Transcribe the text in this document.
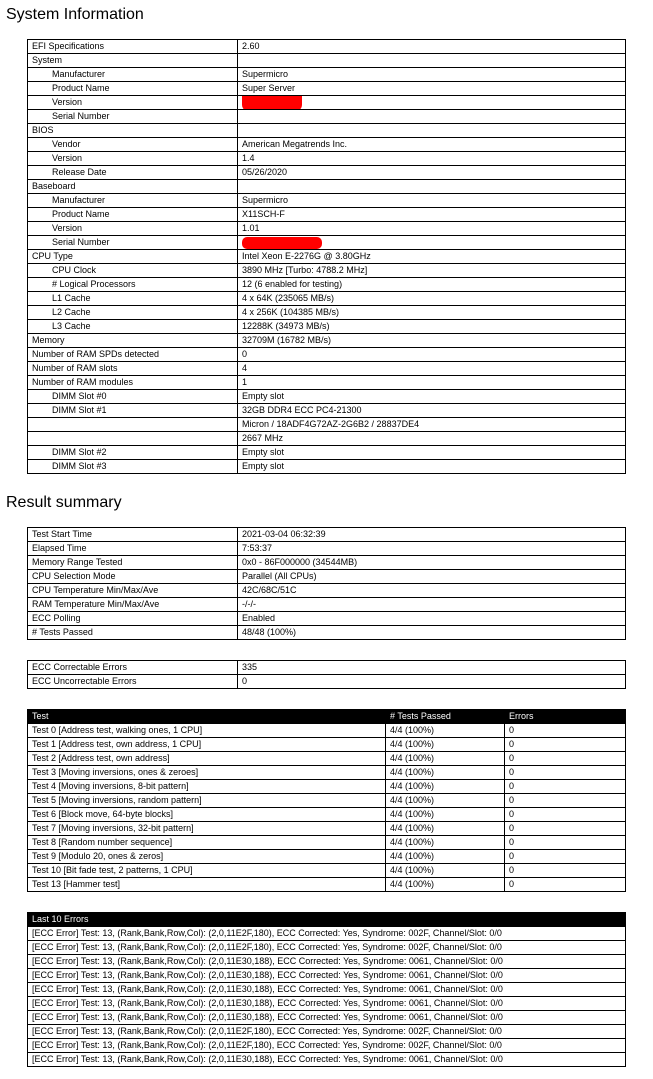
System Information
EFI Specifications	2.60
System	
Manufacturer	Supermicro
Product Name	Super Server
Version	
Serial Number	
BIOS	
Vendor	American Megatrends Inc.
Version	1.4
Release Date	05/26/2020
Baseboard	
Manufacturer	Supermicro
Product Name	X11SCH-F
Version	1.01
Serial Number	
CPU Type	Intel Xeon E-2276G @ 3.80GHz
CPU Clock	3890 MHz [Turbo: 4788.2 MHz]
# Logical Processors	12 (6 enabled for testing)
L1 Cache	4 x 64K (235065 MB/s)
L2 Cache	4 x 256K (104385 MB/s)
L3 Cache	12288K (34973 MB/s)
Memory	32709M (16782 MB/s)
Number of RAM SPDs detected	0
Number of RAM slots	4
Number of RAM modules	1
DIMM Slot #0	Empty slot
DIMM Slot #1	32GB DDR4 ECC PC4-21300
	Micron / 18ADF4G72AZ-2G6B2 / 28837DE4
	2667 MHz
DIMM Slot #2	Empty slot
DIMM Slot #3	Empty slot
Result summary
Test Start Time	2021-03-04 06:32:39
Elapsed Time	7:53:37
Memory Range Tested	0x0 - 86F000000 (34544MB)
CPU Selection Mode	Parallel (All CPUs)
CPU Temperature Min/Max/Ave	42C/68C/51C
RAM Temperature Min/Max/Ave	-/-/-
ECC Polling	Enabled
# Tests Passed	48/48 (100%)
ECC Correctable Errors	335
ECC Uncorrectable Errors	0
Test	# Tests Passed	Errors
Test 0 [Address test, walking ones, 1 CPU]	4/4 (100%)	0
Test 1 [Address test, own address, 1 CPU]	4/4 (100%)	0
Test 2 [Address test, own address]	4/4 (100%)	0
Test 3 [Moving inversions, ones & zeroes]	4/4 (100%)	0
Test 4 [Moving inversions, 8-bit pattern]	4/4 (100%)	0
Test 5 [Moving inversions, random pattern]	4/4 (100%)	0
Test 6 [Block move, 64-byte blocks]	4/4 (100%)	0
Test 7 [Moving inversions, 32-bit pattern]	4/4 (100%)	0
Test 8 [Random number sequence]	4/4 (100%)	0
Test 9 [Modulo 20, ones & zeros]	4/4 (100%)	0
Test 10 [Bit fade test, 2 patterns, 1 CPU]	4/4 (100%)	0
Test 13 [Hammer test]	4/4 (100%)	0
Last 10 Errors
[ECC Error] Test: 13, (Rank,Bank,Row,Col): (2,0,11E2F,180), ECC Corrected: Yes, Syndrome: 002F, Channel/Slot: 0/0
[ECC Error] Test: 13, (Rank,Bank,Row,Col): (2,0,11E2F,180), ECC Corrected: Yes, Syndrome: 002F, Channel/Slot: 0/0
[ECC Error] Test: 13, (Rank,Bank,Row,Col): (2,0,11E30,188), ECC Corrected: Yes, Syndrome: 0061, Channel/Slot: 0/0
[ECC Error] Test: 13, (Rank,Bank,Row,Col): (2,0,11E30,188), ECC Corrected: Yes, Syndrome: 0061, Channel/Slot: 0/0
[ECC Error] Test: 13, (Rank,Bank,Row,Col): (2,0,11E30,188), ECC Corrected: Yes, Syndrome: 0061, Channel/Slot: 0/0
[ECC Error] Test: 13, (Rank,Bank,Row,Col): (2,0,11E30,188), ECC Corrected: Yes, Syndrome: 0061, Channel/Slot: 0/0
[ECC Error] Test: 13, (Rank,Bank,Row,Col): (2,0,11E30,188), ECC Corrected: Yes, Syndrome: 0061, Channel/Slot: 0/0
[ECC Error] Test: 13, (Rank,Bank,Row,Col): (2,0,11E2F,180), ECC Corrected: Yes, Syndrome: 002F, Channel/Slot: 0/0
[ECC Error] Test: 13, (Rank,Bank,Row,Col): (2,0,11E2F,180), ECC Corrected: Yes, Syndrome: 002F, Channel/Slot: 0/0
[ECC Error] Test: 13, (Rank,Bank,Row,Col): (2,0,11E30,188), ECC Corrected: Yes, Syndrome: 0061, Channel/Slot: 0/0
